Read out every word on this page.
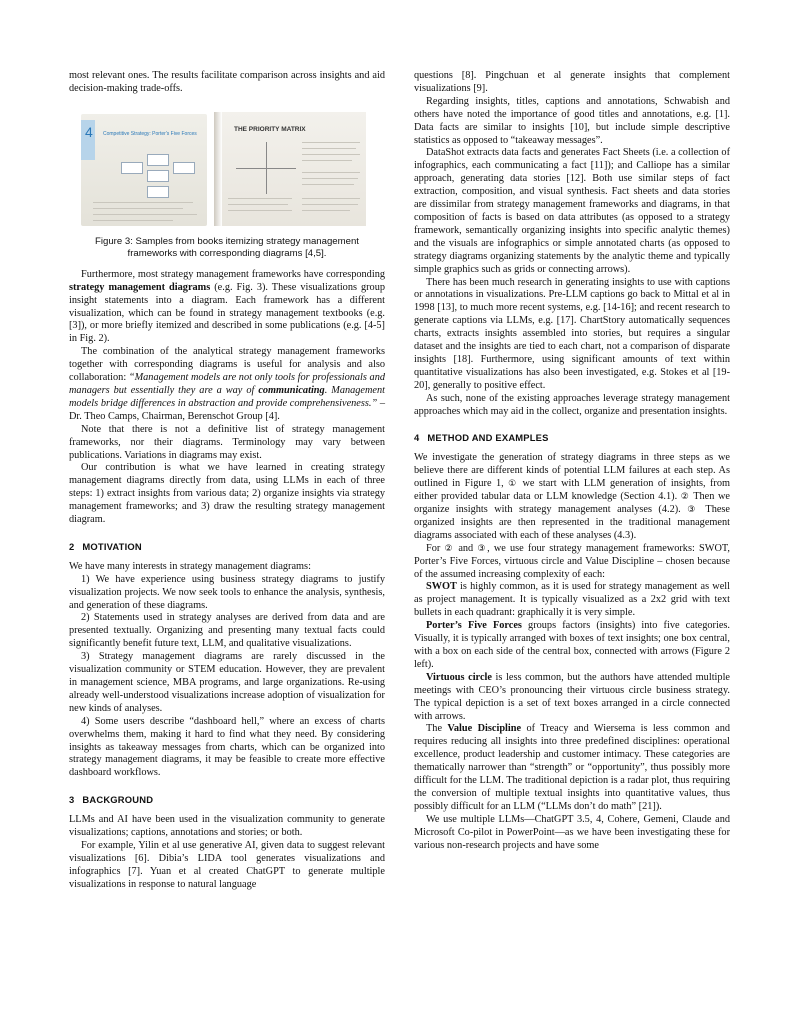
most relevant ones. The results facilitate comparison across insights and aid decision-making trade-offs.

4 Competitive Strategy: Porter's Five Forces
THE PRIORITY MATRIX
Figure 3: Samples from books itemizing strategy management frameworks with corresponding diagrams [4,5].

Furthermore, most strategy management frameworks have corresponding strategy management diagrams (e.g. Fig. 3). These visualizations group insight statements into a diagram. Each framework has a different visualization, which can be found in strategy management textbooks (e.g. [3]), or more briefly itemized and described in some publications (e.g. [4-5] in Fig. 2).

The combination of the analytical strategy management frameworks together with corresponding diagrams is useful for analysis and also collaboration: “Management models are not only tools for professionals and managers but essentially they are a way of communicating. Management models bridge differences in abstraction and provide comprehensiveness.” – Dr. Theo Camps, Chairman, Berenschot Group [4].

Note that there is not a definitive list of strategy management frameworks, nor their diagrams. Terminology may vary between publications. Variations in diagrams may exist.

Our contribution is what we have learned in creating strategy management diagrams directly from data, using LLMs in each of three steps: 1) extract insights from various data; 2) organize insights via strategy management frameworks; and 3) draw the resulting strategy management diagram.

2 MOTIVATION

We have many interests in strategy management diagrams:

1) We have experience using business strategy diagrams to justify visualization projects. We now seek tools to enhance the analysis, synthesis, and generation of these diagrams.

2) Statements used in strategy analyses are derived from data and are presented textually. Organizing and presenting many textual facts could significantly benefit future text, LLM, and qualitative visualizations.

3) Strategy management diagrams are rarely discussed in the visualization community or STEM education. However, they are prevalent in management science, MBA programs, and large organizations. Re-using already well-understood visualizations increase adoption of visualization for new kinds of analyses.

4) Some users describe “dashboard hell,” where an excess of charts overwhelms them, making it hard to find what they need. By considering insights as takeaway messages from charts, which can be organized into strategy management diagrams, it may be feasible to create more effective dashboard workflows.

3 BACKGROUND

LLMs and AI have been used in the visualization community to generate visualizations; captions, annotations and stories; or both.

For example, Yilin et al use generative AI, given data to suggest relevant visualizations [6]. Dibia’s LIDA tool generates visualizations and infographics [7]. Yuan et al created ChatGPT to generate multiple visualizations in response to natural language

questions [8]. Pingchuan et al generate insights that complement visualizations [9].

Regarding insights, titles, captions and annotations, Schwabish and others have noted the importance of good titles and annotations, e.g. [1]. Data facts are similar to insights [10], but include simple descriptive statistics as opposed to “takeaway messages”.

DataShot extracts data facts and generates Fact Sheets (i.e. a collection of infographics, each communicating a fact [11]); and Calliope has a similar approach, generating data stories [12]. Both use similar steps of fact extraction, composition, and visual synthesis. Fact sheets and data stories are dissimilar from strategy management frameworks and diagrams, in that composition of facts is based on data attributes (as opposed to a strategy framework, semantically organizing insights into specific analytic themes) and the visuals are infographics or simple annotated charts (as opposed to strategy diagrams organizing statements by the analytic theme and typically simple graphics such as grids or connecting arrows).

There has been much research in generating insights to use with captions or annotations in visualizations. Pre-LLM captions go back to Mittal et al in 1998 [13], to much more recent systems, e.g. [14-16]; and recent research to generate captions via LLMs, e.g. [17]. ChartStory automatically sequences charts, extracts insights assembled into stories, but requires a singular dataset and the insights are tied to each chart, not a comparison of disparate insights [18]. Furthermore, using significant amounts of text within quantitative visualizations has also been investigated, e.g. Stokes et al [19-20], generally to positive effect.

As such, none of the existing approaches leverage strategy management approaches which may aid in the collect, organize and presentation insights.

4 METHOD AND EXAMPLES

We investigate the generation of strategy diagrams in three steps as we believe there are different kinds of potential LLM failures at each step. As outlined in Figure 1, ① we start with LLM generation of insights, from either provided tabular data or LLM knowledge (Section 4.1). ② Then we organize insights with strategy management analyses (4.2). ③ These organized insights are then represented in the traditional management diagrams associated with each of these analyses (4.3).

For ② and ③, we use four strategy management frameworks: SWOT, Porter’s Five Forces, virtuous circle and Value Discipline – chosen because of the assumed increasing complexity of each:

SWOT is highly common, as it is used for strategy management as well as project management. It is typically visualized as a 2x2 grid with text bullets in each quadrant: graphically it is very simple.

Porter’s Five Forces groups factors (insights) into five categories. Visually, it is typically arranged with boxes of text insights; one box central, with a box on each side of the central box, connected with arrows (Figure 2 left).

Virtuous circle is less common, but the authors have attended multiple meetings with CEO’s pronouncing their virtuous circle business strategy. The typical depiction is a set of text boxes arranged in a circle connected with arrows.

The Value Discipline of Treacy and Wiersema is less common and requires reducing all insights into three predefined disciplines: operational excellence, product leadership and customer intimacy. These categories are thematically narrower than “strength” or “opportunity”, thus possibly more difficult for the LLM. The traditional depiction is a radar plot, thus requiring the conversion of multiple textual insights into quantitative values, thus possibly difficult for an LLM (“LLMs don’t do math” [21]).

We use multiple LLMs—ChatGPT 3.5, 4, Cohere, Gemeni, Claude and Microsoft Co-pilot in PowerPoint—as we have been investigating these for various non-research projects and have some
